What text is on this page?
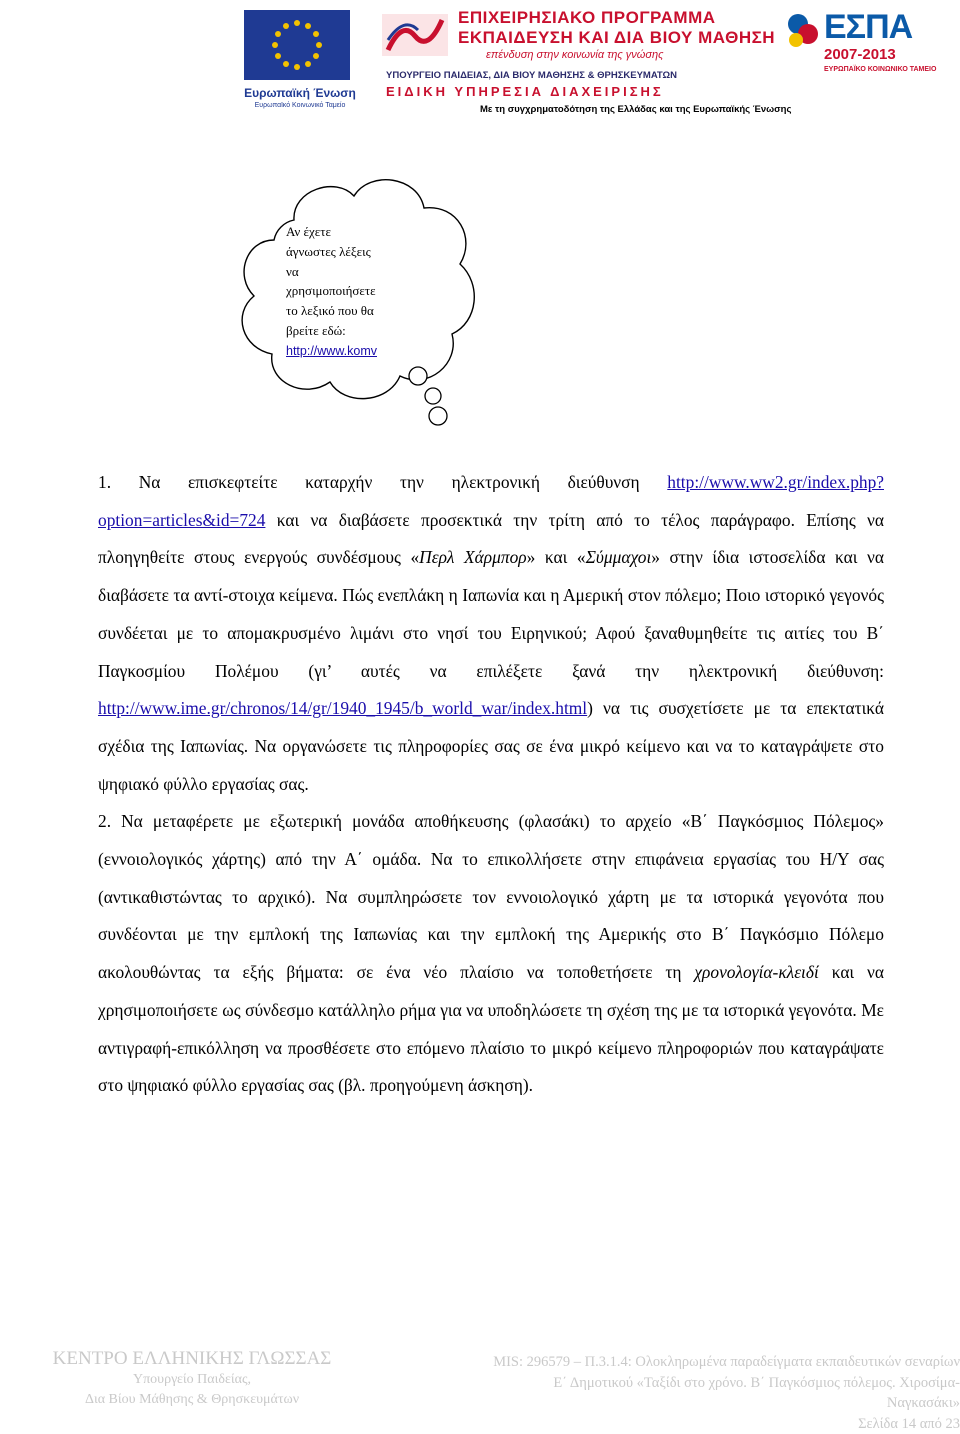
Ευρωπαϊκή Ένωση
Ευρωπαϊκό Κοινωνικό Ταμείο
ΕΠΙΧΕΙΡΗΣΙΑΚΟ ΠΡΟΓΡΑΜΜΑ
ΕΚΠΑΙΔΕΥΣΗ ΚΑΙ ΔΙΑ ΒΙΟΥ ΜΑΘΗΣΗ
επένδυση στην κοινωνία της γνώσης
ΥΠΟΥΡΓΕΙΟ ΠΑΙΔΕΙΑΣ, ΔΙΑ ΒΙΟΥ ΜΑΘΗΣΗΣ & ΘΡΗΣΚΕΥΜΑΤΩΝ
ΕΙΔΙΚΗ ΥΠΗΡΕΣΙΑ ΔΙΑΧΕΙΡΙΣΗΣ
Με τη συγχρηματοδότηση της Ελλάδας και της Ευρωπαϊκής Ένωσης
ΕΣΠΑ
2007-2013
ΕΥΡΩΠΑΪΚΟ ΚΟΙΝΩΝΙΚΟ ΤΑΜΕΙΟ
Αν έχετε
άγνωστες λέξεις
να
χρησιμοποιήσετε
το λεξικό που θα
βρείτε εδώ:
http://www.komv

1. Να επισκεφτείτε καταρχήν την ηλεκτρονική διεύθυνση http://www.ww2.gr/index.php?option=articles&id=724 και να διαβάσετε προσεκτικά την τρίτη από το τέλος παράγραφο. Επίσης να πλοηγηθείτε στους ενεργούς συνδέσμους «Περλ Χάρμπορ» και «Σύμμαχοι» στην ίδια ιστοσελίδα και να διαβάσετε τα αντί-στοιχα κείμενα. Πώς ενεπλάκη η Ιαπωνία και η Αμερική στον πόλεμο; Ποιο ιστορικό γεγονός συνδέεται με το απομακρυσμένο λιμάνι στο νησί του Ειρηνικού; Αφού ξαναθυμηθείτε τις αιτίες του Β΄ Παγκοσμίου Πολέμου (γι’ αυτές να επιλέξετε ξανά την ηλεκτρονική διεύθυνση: http://www.ime.gr/chronos/14/gr/1940_1945/b_world_war/index.html) να τις συσχετίσετε με τα επεκτατικά σχέδια της Ιαπωνίας. Να οργανώσετε τις πληροφορίες σας σε ένα μικρό κείμενο και να το καταγράψετε στο ψηφιακό φύλλο εργασίας σας.

2. Να μεταφέρετε με εξωτερική μονάδα αποθήκευσης (φλασάκι) το αρχείο «Β΄ Παγκόσμιος Πόλεμος» (εννοιολογικός χάρτης) από την Α΄ ομάδα. Να το επικολλήσετε στην επιφάνεια εργασίας του Η/Υ σας (αντικαθιστώντας το αρχικό). Να συμπληρώσετε τον εννοιολογικό χάρτη με τα ιστορικά γεγονότα που συνδέονται με την εμπλοκή της Ιαπωνίας και την εμπλοκή της Αμερικής στο Β΄ Παγκόσμιο Πόλεμο ακολουθώντας τα εξής βήματα: σε ένα νέο πλαίσιο να τοποθετήσετε τη χρονολογία-κλειδί και να χρησιμοποιήσετε ως σύνδεσμο κατάλληλο ρήμα για να υποδηλώσετε τη σχέση της με τα ιστορικά γεγονότα. Με αντιγραφή-επικόλληση να προσθέσετε στο επόμενο πλαίσιο το μικρό κείμενο πληροφοριών που καταγράψατε στο ψηφιακό φύλλο εργασίας σας (βλ. προηγούμενη άσκηση).

ΚΕΝΤΡΟ ΕΛΛΗΝΙΚΗΣ ΓΛΩΣΣΑΣ
Υπουργείο Παιδείας,
Δια Βίου Μάθησης & Θρησκευμάτων
MIS: 296579 – Π.3.1.4: Ολοκληρωμένα παραδείγματα εκπαιδευτικών σεναρίων
Ε΄ Δημοτικού «Ταξίδι στο χρόνο. Β΄ Παγκόσμιος πόλεμος. Χιροσίμα-
Ναγκασάκι»
Σελίδα 14 από 23
